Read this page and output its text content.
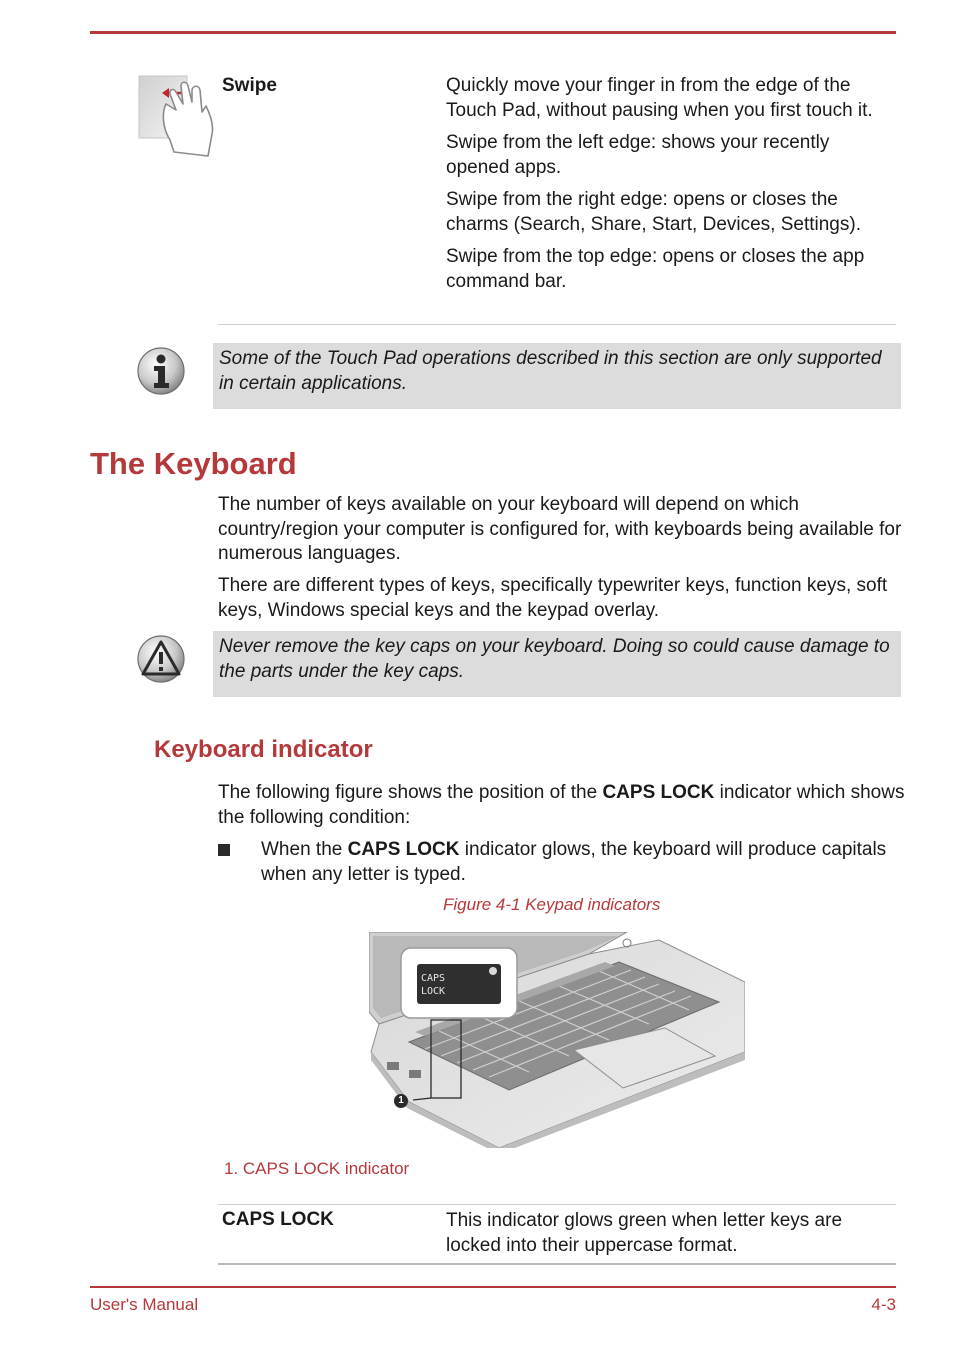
Swipe	Quickly move your finger in from the edge of the Touch Pad, without pausing when you first touch it.

Swipe from the left edge: shows your recently opened apps.

Swipe from the right edge: opens or closes the charms (Search, Share, Start, Devices, Settings).

Swipe from the top edge: opens or closes the app command bar.

Some of the Touch Pad operations described in this section are only supported in certain applications.
The Keyboard

The number of keys available on your keyboard will depend on which country/region your computer is configured for, with keyboards being available for numerous languages.

There are different types of keys, specifically typewriter keys, function keys, soft keys, Windows special keys and the keypad overlay.

Never remove the key caps on your keyboard. Doing so could cause damage to the parts under the key caps.
Keyboard indicator

The following figure shows the position of the CAPS LOCK indicator which shows the following condition:

When the CAPS LOCK indicator glows, the keyboard will produce capitals when any letter is typed.

Figure 4-1 Keypad indicators
CAPS
LOCK
1
1. CAPS LOCK indicator
CAPS LOCK	This indicator glows green when letter keys are locked into their uppercase format.
User's Manual	4-3
